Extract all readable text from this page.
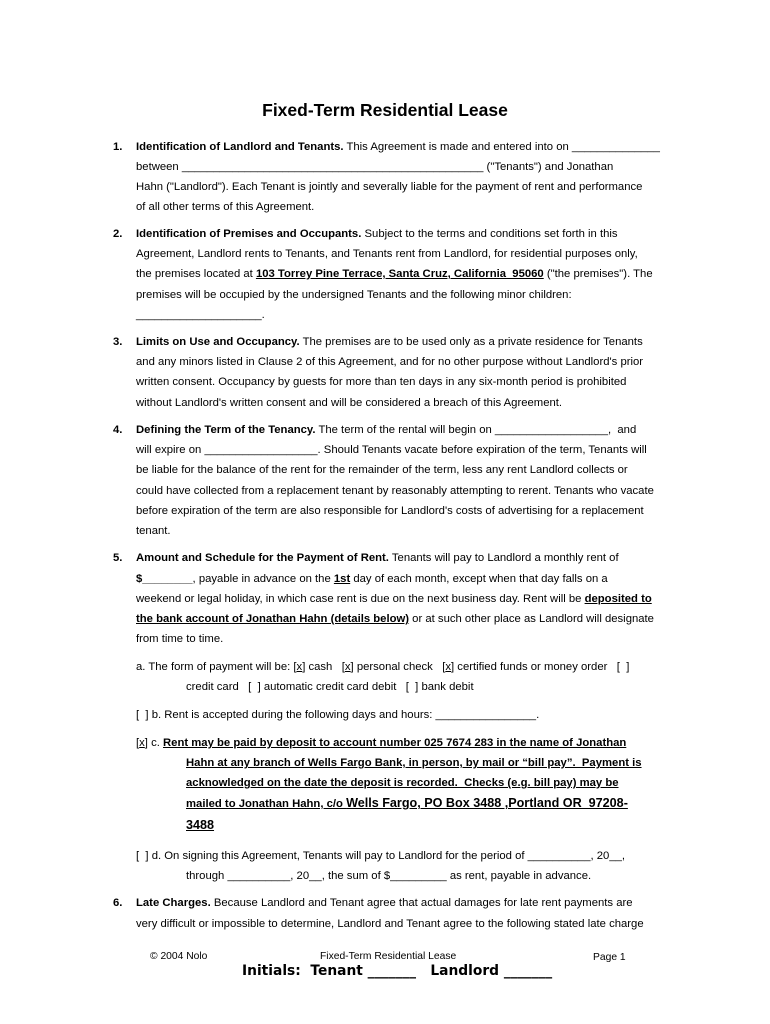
Fixed-Term Residential Lease
1. Identification of Landlord and Tenants. This Agreement is made and entered into on ______________
between ________________________________________________ ("Tenants") and Jonathan
Hahn ("Landlord"). Each Tenant is jointly and severally liable for the payment of rent and performance
of all other terms of this Agreement.
2. Identification of Premises and Occupants. Subject to the terms and conditions set forth in this
Agreement, Landlord rents to Tenants, and Tenants rent from Landlord, for residential purposes only,
the premises located at 103 Torrey Pine Terrace, Santa Cruz, California  95060 ("the premises"). The
premises will be occupied by the undersigned Tenants and the following minor children:
____________________.
3. Limits on Use and Occupancy. The premises are to be used only as a private residence for Tenants
and any minors listed in Clause 2 of this Agreement, and for no other purpose without Landlord's prior
written consent. Occupancy by guests for more than ten days in any six-month period is prohibited
without Landlord's written consent and will be considered a breach of this Agreement.
4. Defining the Term of the Tenancy. The term of the rental will begin on __________________,  and
will expire on __________________. Should Tenants vacate before expiration of the term, Tenants will
be liable for the balance of the rent for the remainder of the term, less any rent Landlord collects or
could have collected from a replacement tenant by reasonably attempting to rerent. Tenants who vacate
before expiration of the term are also responsible for Landlord's costs of advertising for a replacement
tenant.
5. Amount and Schedule for the Payment of Rent. Tenants will pay to Landlord a monthly rent of
$________, payable in advance on the 1st day of each month, except when that day falls on a
weekend or legal holiday, in which case rent is due on the next business day. Rent will be deposited to
the bank account of Jonathan Hahn (details below) or at such other place as Landlord will designate
from time to time.
a. The form of payment will be: [x] cash   [x] personal check   [x] certified funds or money order   [  ]
credit card   [  ] automatic credit card debit   [  ] bank debit
[  ] b. Rent is accepted during the following days and hours: ________________.
[x] c. Rent may be paid by deposit to account number 025 7674 283 in the name of Jonathan
Hahn at any branch of Wells Fargo Bank, in person, by mail or “bill pay”.  Payment is
acknowledged on the date the deposit is recorded.  Checks (e.g. bill pay) may be
mailed to Jonathan Hahn, c/o Wells Fargo, PO Box 3488 ,Portland OR  97208-
3488
[  ] d. On signing this Agreement, Tenants will pay to Landlord for the period of __________, 20__,
through __________, 20__, the sum of $_________ as rent, payable in advance.
6. Late Charges. Because Landlord and Tenant agree that actual damages for late rent payments are
very difficult or impossible to determine, Landlord and Tenant agree to the following stated late charge
© 2004 Nolo	Fixed-Term Residential Lease	Page 1
Initials:  Tenant _______   Landlord _______
